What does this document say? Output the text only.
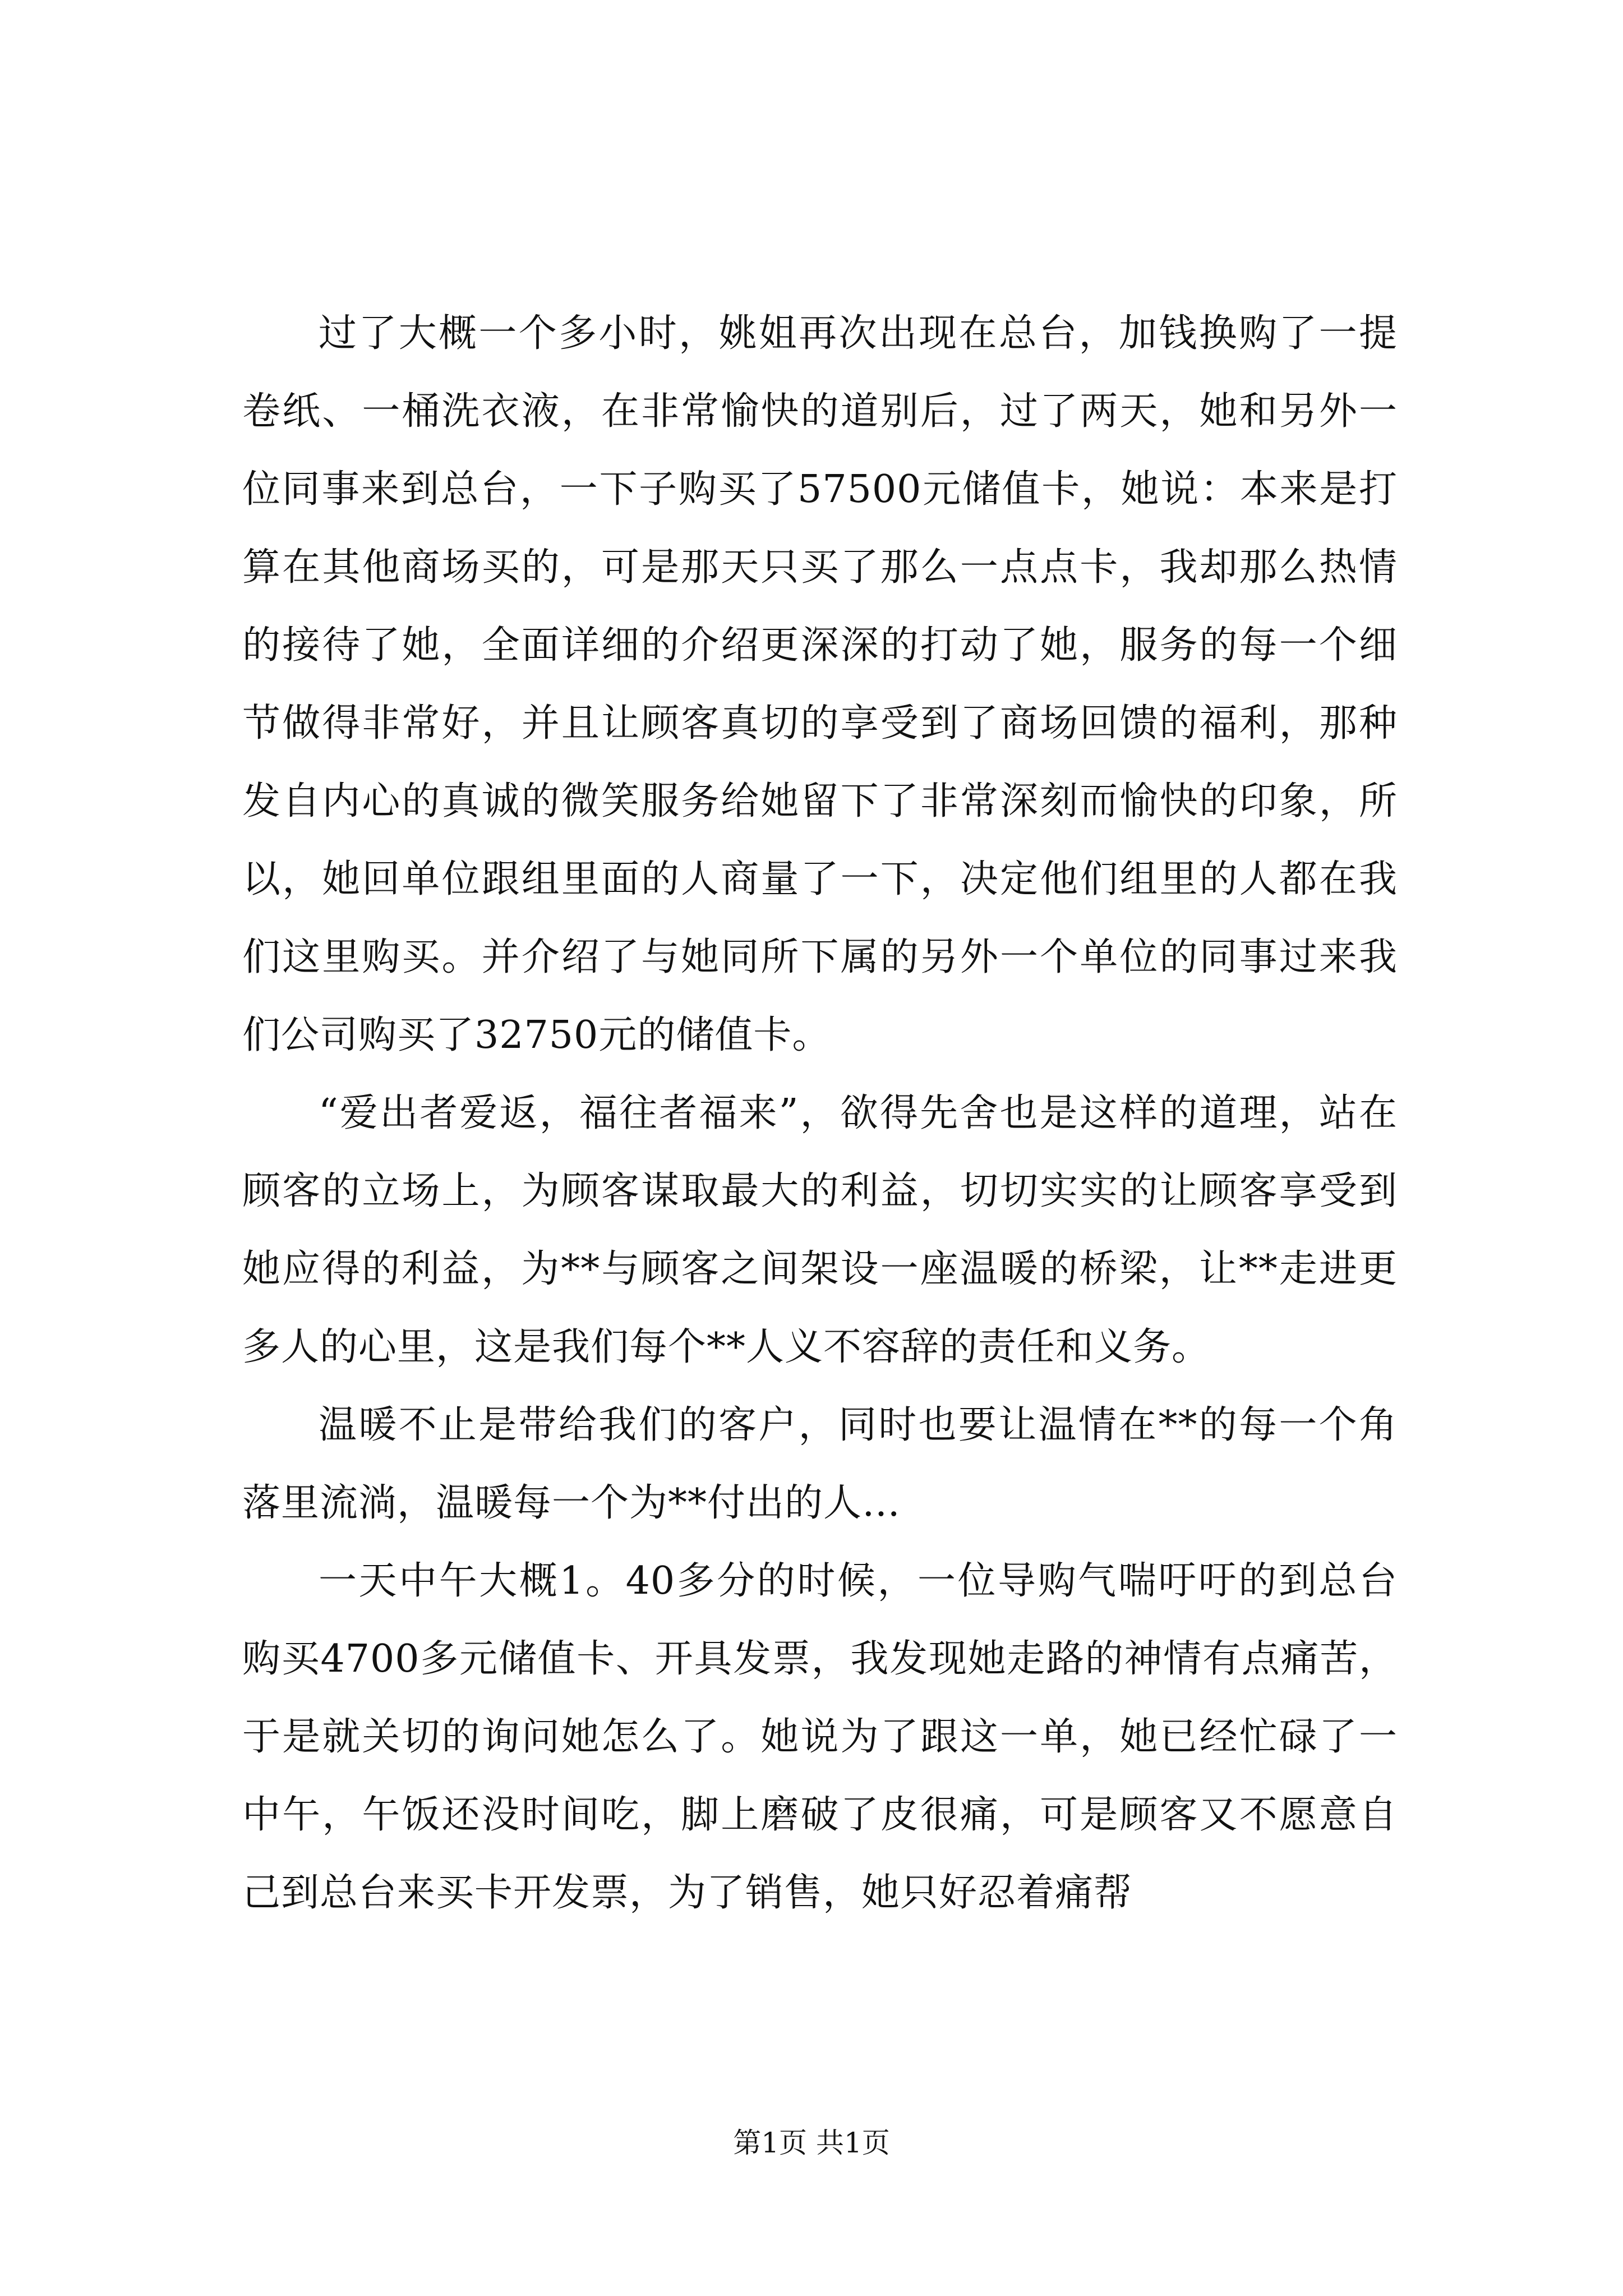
过了大概一个多小时，姚姐再次出现在总台，加钱换购了一提卷纸、一桶洗衣液，在非常愉快的道别后，过了两天，她和另外一位同事来到总台，一下子购买了57500元储值卡，她说：本来是打算在其他商场买的，可是那天只买了那么一点点卡，我却那么热情的接待了她，全面详细的介绍更深深的打动了她，服务的每一个细节做得非常好，并且让顾客真切的享受到了商场回馈的福利，那种发自内心的真诚的微笑服务给她留下了非常深刻而愉快的印象，所以，她回单位跟组里面的人商量了一下，决定他们组里的人都在我们这里购买。并介绍了与她同所下属的另外一个单位的同事过来我们公司购买了32750元的储值卡。

“爱出者爱返，福往者福来”，欲得先舍也是这样的道理，站在顾客的立场上，为顾客谋取最大的利益，切切实实的让顾客享受到她应得的利益，为**与顾客之间架设一座温暖的桥梁，让**走进更多人的心里，这是我们每个**人义不容辞的责任和义务。

温暖不止是带给我们的客户，同时也要让温情在**的每一个角落里流淌，温暖每一个为**付出的人…

一天中午大概1。40多分的时候，一位导购气喘吁吁的到总台购买4700多元储值卡、开具发票，我发现她走路的神情有点痛苦，于是就关切的询问她怎么了。她说为了跟这一单，她已经忙碌了一中午，午饭还没时间吃，脚上磨破了皮很痛，可是顾客又不愿意自己到总台来买卡开发票，为了销售，她只好忍着痛帮

第1页 共1页
